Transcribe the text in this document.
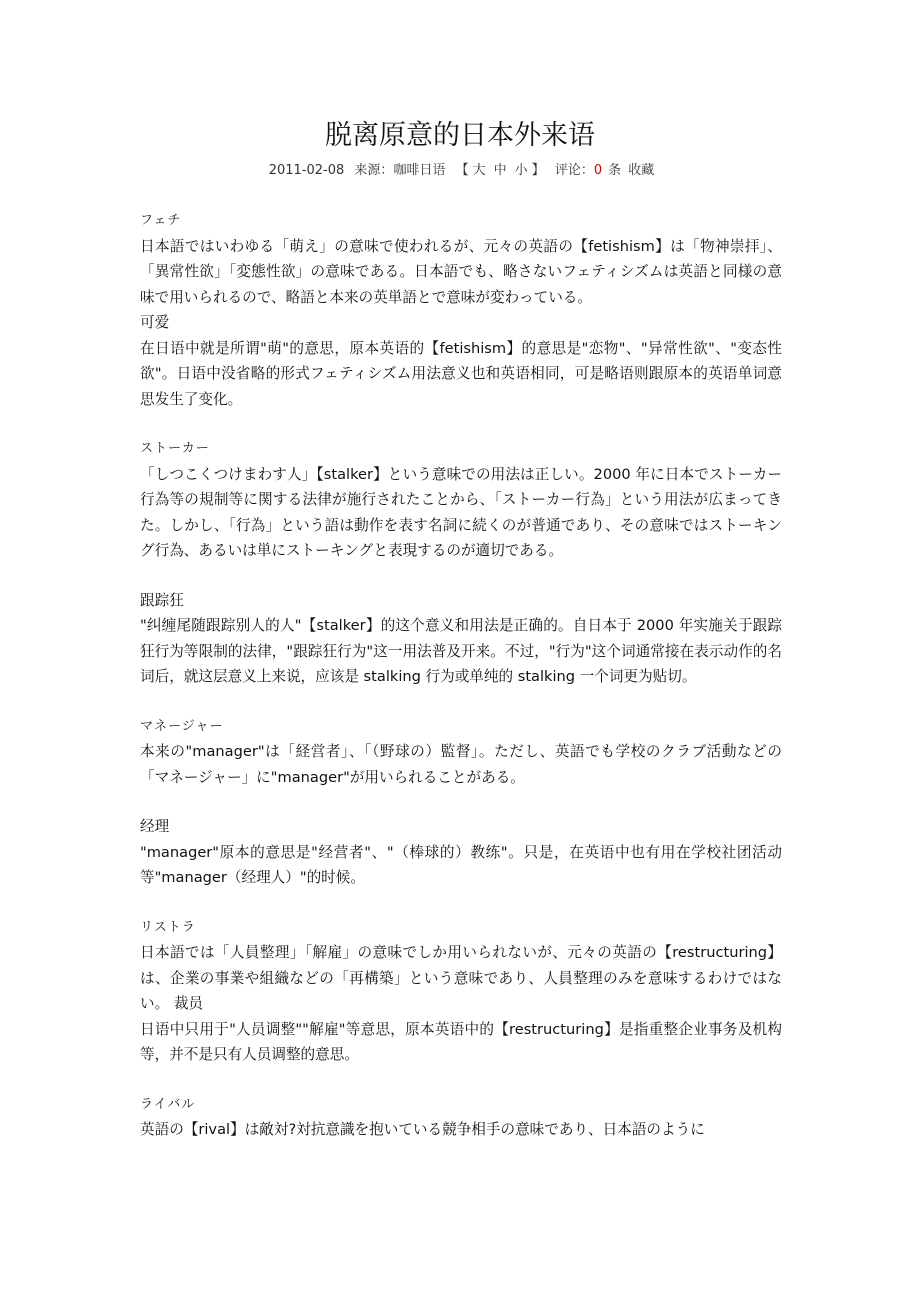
脱离原意的日本外来语
2011-02-08 来源：咖啡日语 【 大 中 小 】 评论：0 条 收藏
フェチ

日本語ではいわゆる「萌え」の意味で使われるが、元々の英語の【fetishism】は「物神崇拝」、「異常性欲」「変態性欲」の意味である。日本語でも、略さないフェティシズムは英語と同様の意味で用いられるので、略語と本来の英単語とで意味が変わっている。

可爱

在日语中就是所谓"萌"的意思，原本英语的【fetishism】的意思是"恋物"、"异常性欲"、"变态性欲"。日语中没省略的形式フェティシズム用法意义也和英语相同，可是略语则跟原本的英语单词意思发生了变化。

ストーカー

「しつこくつけまわす人」【stalker】という意味での用法は正しい。2000 年に日本でストーカー行為等の規制等に関する法律が施行されたことから、「ストーカー行為」という用法が広まってきた。しかし、「行為」という語は動作を表す名詞に続くのが普通であり、その意味ではストーキング行為、あるいは単にストーキングと表現するのが適切である。

跟踪狂

"纠缠尾随跟踪别人的人"【stalker】的这个意义和用法是正确的。自日本于 2000 年实施关于跟踪狂行为等限制的法律，"跟踪狂行为"这一用法普及开来。不过，"行为"这个词通常接在表示动作的名词后，就这层意义上来说，应该是 stalking 行为或单纯的 stalking 一个词更为贴切。

マネージャー

本来の"manager"は「経営者」、「（野球の）監督」。ただし、英語でも学校のクラブ活動などの「マネージャー」に"manager"が用いられることがある。

经理

"manager"原本的意思是"经营者"、"（棒球的）教练"。只是，在英语中也有用在学校社团活动等"manager（经理人）"的时候。

リストラ

日本語では「人員整理」「解雇」の意味でしか用いられないが、元々の英語の【restructuring】は、企業の事業や組織などの「再構築」という意味であり、人員整理のみを意味するわけではない。 裁员

日语中只用于"人员调整""解雇"等意思，原本英语中的【restructuring】是指重整企业事务及机构等，并不是只有人员调整的意思。

ライバル

英語の【rival】は敵対?対抗意識を抱いている競争相手の意味であり、日本語のように
